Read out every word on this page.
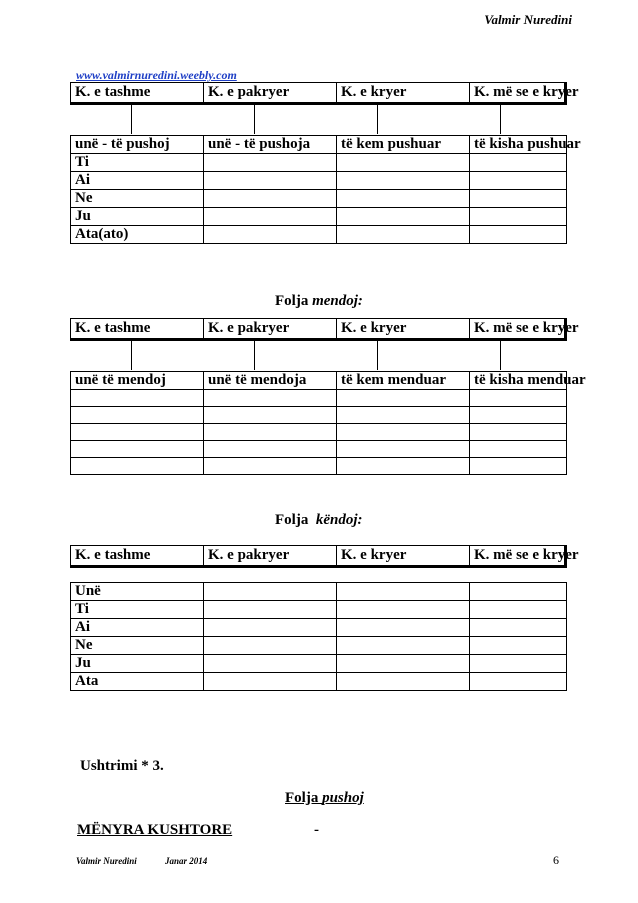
Valmir Nuredini
www.valmirnuredini.weebly.com
K. e tashme	K. e pakryer	K. e kryer	K. më se e kryer
unë - të pushoj	unë - të pushoja	të kem pushuar	të kisha pushuar
Ti			
Ai			
Ne			
Ju			
Ata(ato)			
Folja mendoj:
K. e tashme	K. e pakryer	K. e kryer	K. më se e kryer
unë të mendoj	unë të mendoja	të kem menduar	të kisha menduar

Folja  këndoj:
K. e tashme	K. e pakryer	K. e kryer	K. më se e kryer
Unë			
Ti			
Ai			
Ne			
Ju			
Ata			
Ushtrimi * 3.
Folja pushoj
MËNYRA KUSHTORE	-
Valmir Nuredini	Janar 2014	6
